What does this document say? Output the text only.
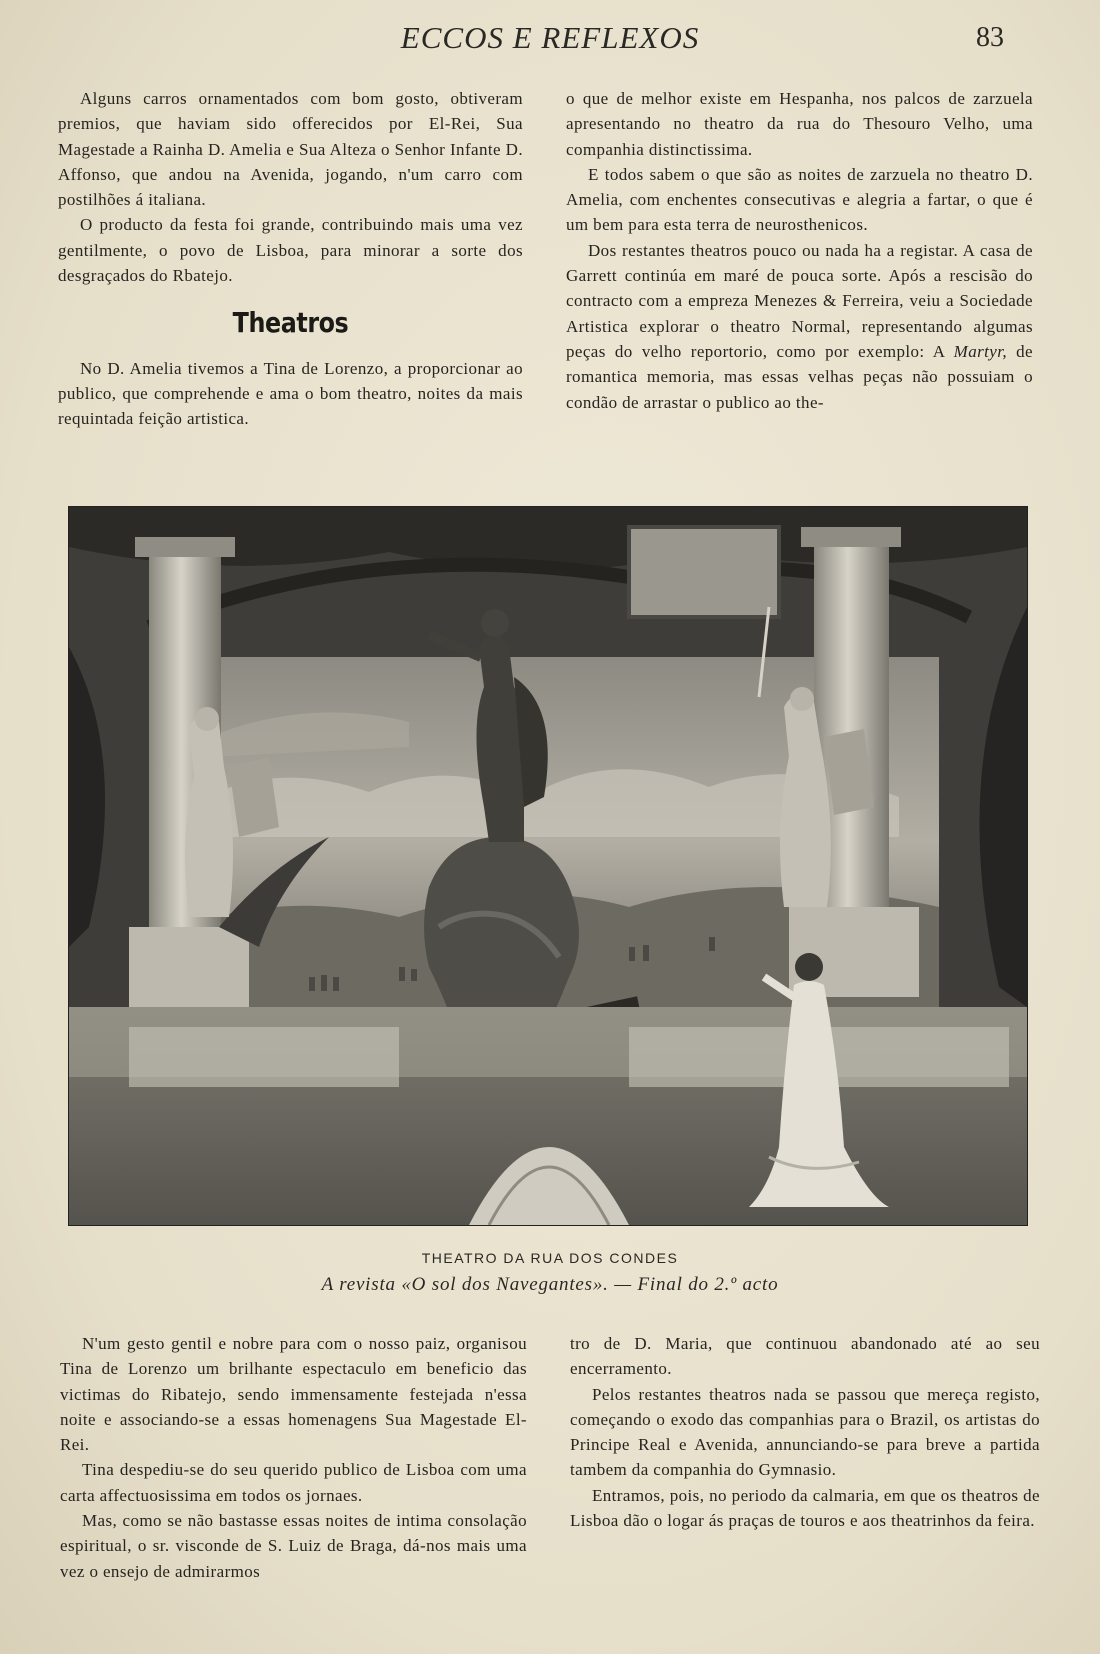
ECCOS E REFLEXOS	83

Alguns carros ornamentados com bom gosto, obtiveram premios, que haviam sido offerecidos por El-Rei, Sua Magestade a Rainha D. Amelia e Sua Alteza o Senhor Infante D. Affonso, que andou na Avenida, jogando, n'um carro com postilhões á italiana.

O producto da festa foi grande, contribuindo mais uma vez gentilmente, o povo de Lisboa, para minorar a sorte dos desgraçados do Rbatejo.

Theatros

No D. Amelia tivemos a Tina de Lorenzo, a proporcionar ao publico, que comprehende e ama o bom theatro, noites da mais requintada feição artistica.

o que de melhor existe em Hespanha, nos palcos de zarzuela apresentando no theatro da rua do Thesouro Velho, uma companhia distinctissima.

E todos sabem o que são as noites de zarzuela no theatro D. Amelia, com enchentes consecutivas e alegria a fartar, o que é um bem para esta terra de neurosthenicos.

Dos restantes theatros pouco ou nada ha a registar. A casa de Garrett continúa em maré de pouca sorte. Após a rescisão do contracto com a empreza Menezes & Ferreira, veiu a Sociedade Artistica explorar o theatro Normal, representando algumas peças do velho reportorio, como por exemplo: A Martyr, de romantica memoria, mas essas velhas peças não possuiam o condão de arrastar o publico ao the-

THEATRO DA RUA DOS CONDES
A revista «O sol dos Navegantes». — Final do 2.º acto

N'um gesto gentil e nobre para com o nosso paiz, organisou Tina de Lorenzo um brilhante espectaculo em beneficio das victimas do Ribatejo, sendo immensamente festejada n'essa noite e associando-se a essas homenagens Sua Magestade El-Rei.

Tina despediu-se do seu querido publico de Lisboa com uma carta affectuosissima em todos os jornaes.

Mas, como se não bastasse essas noites de intima consolação espiritual, o sr. visconde de S. Luiz de Braga, dá-nos mais uma vez o ensejo de admirarmos

tro de D. Maria, que continuou abandonado até ao seu encerramento.

Pelos restantes theatros nada se passou que mereça registo, começando o exodo das companhias para o Brazil, os artistas do Principe Real e Avenida, annunciando-se para breve a partida tambem da companhia do Gymnasio.

Entramos, pois, no periodo da calmaria, em que os theatros de Lisboa dão o logar ás praças de touros e aos theatrinhos da feira.
